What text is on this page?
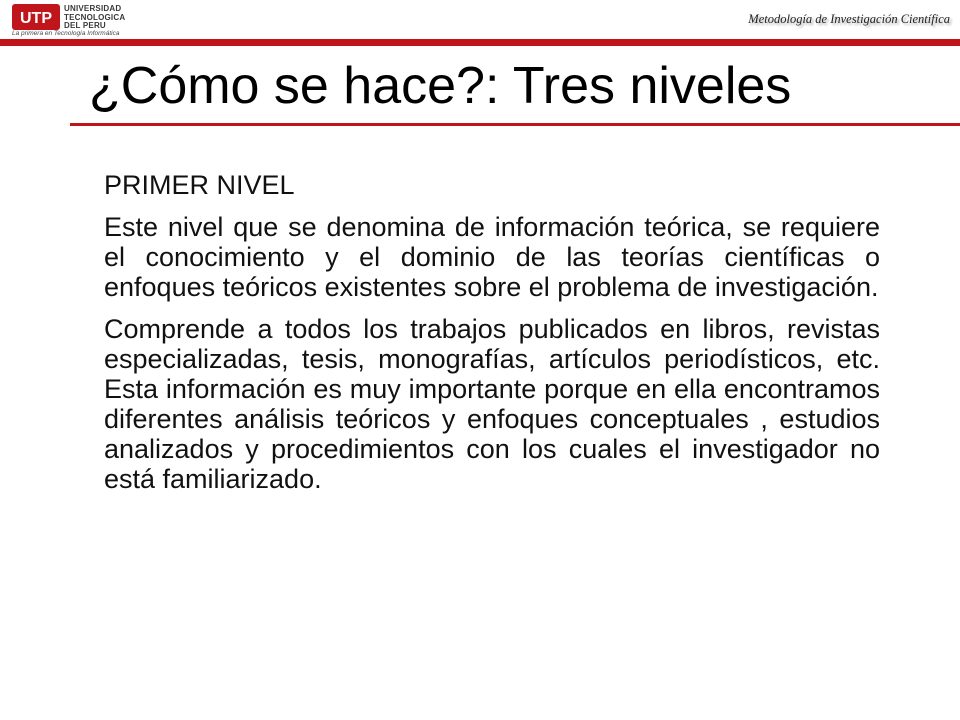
UTP
UNIVERSIDAD
TECNOLOGICA
DEL PERU
La primera en Tecnología Informática
Metodología de Investigación Científica
¿Cómo se hace?: Tres niveles

PRIMER NIVEL

Este nivel que se denomina de información teórica, se requiere el conocimiento y el dominio de las teorías científicas o enfoques teóricos existentes sobre el problema de investigación.

Comprende a todos los trabajos publicados en libros, revistas especializadas, tesis, monografías, artículos periodísticos, etc. Esta información es muy importante porque en ella encontramos diferentes análisis teóricos y enfoques conceptuales , estudios analizados y procedimientos con los cuales el investigador no está familiarizado.
